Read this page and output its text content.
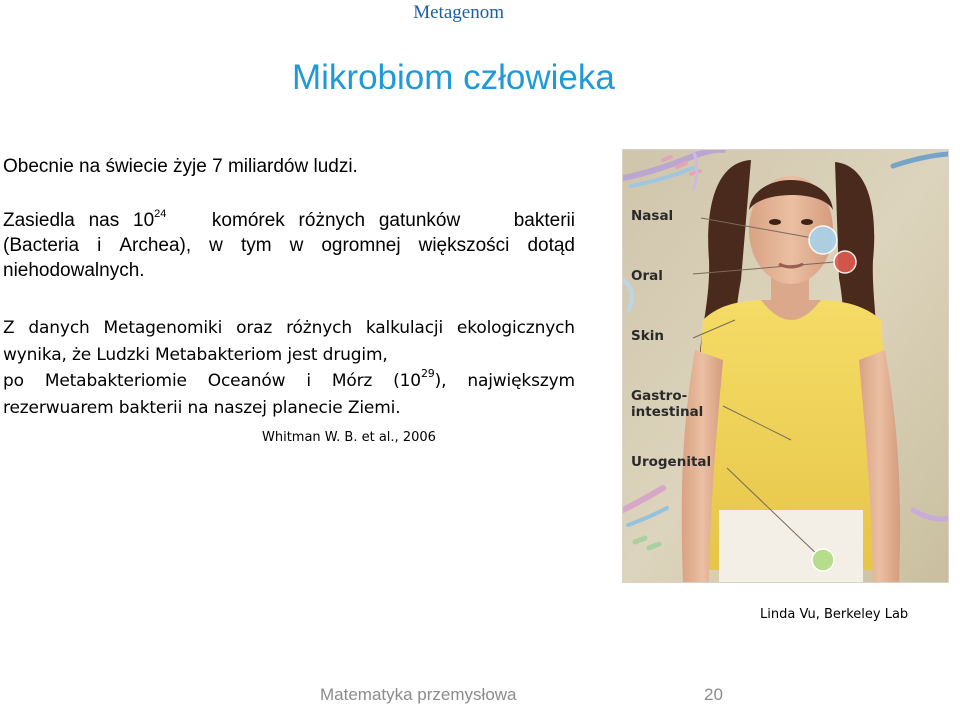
Metagenom
Mikrobiom człowieka
Obecnie na świecie żyje 7 miliardów ludzi.
Zasiedla nas $10^{24}$ komórek różnych gatunków	bakterii
(Bacteria i Archea), w tym w ogromnej większości dotąd
niehodowalnych.
Z danych Metagenomiki oraz różnych kalkulacji ekologicznych
wynika, że Ludzki Metabakteriom jest drugim,
po Metabakteriomie Oceanów i Mórz $(10^{29})$, największym
rezerwuarem bakterii na naszej planecie Ziemi.
Whitman W. B. et al., 2006
Nasal
Oral
Skin
Gastro-
intestinal
Urogenital
Linda Vu, Berkeley Lab
Matematyka przemysłowa	20
